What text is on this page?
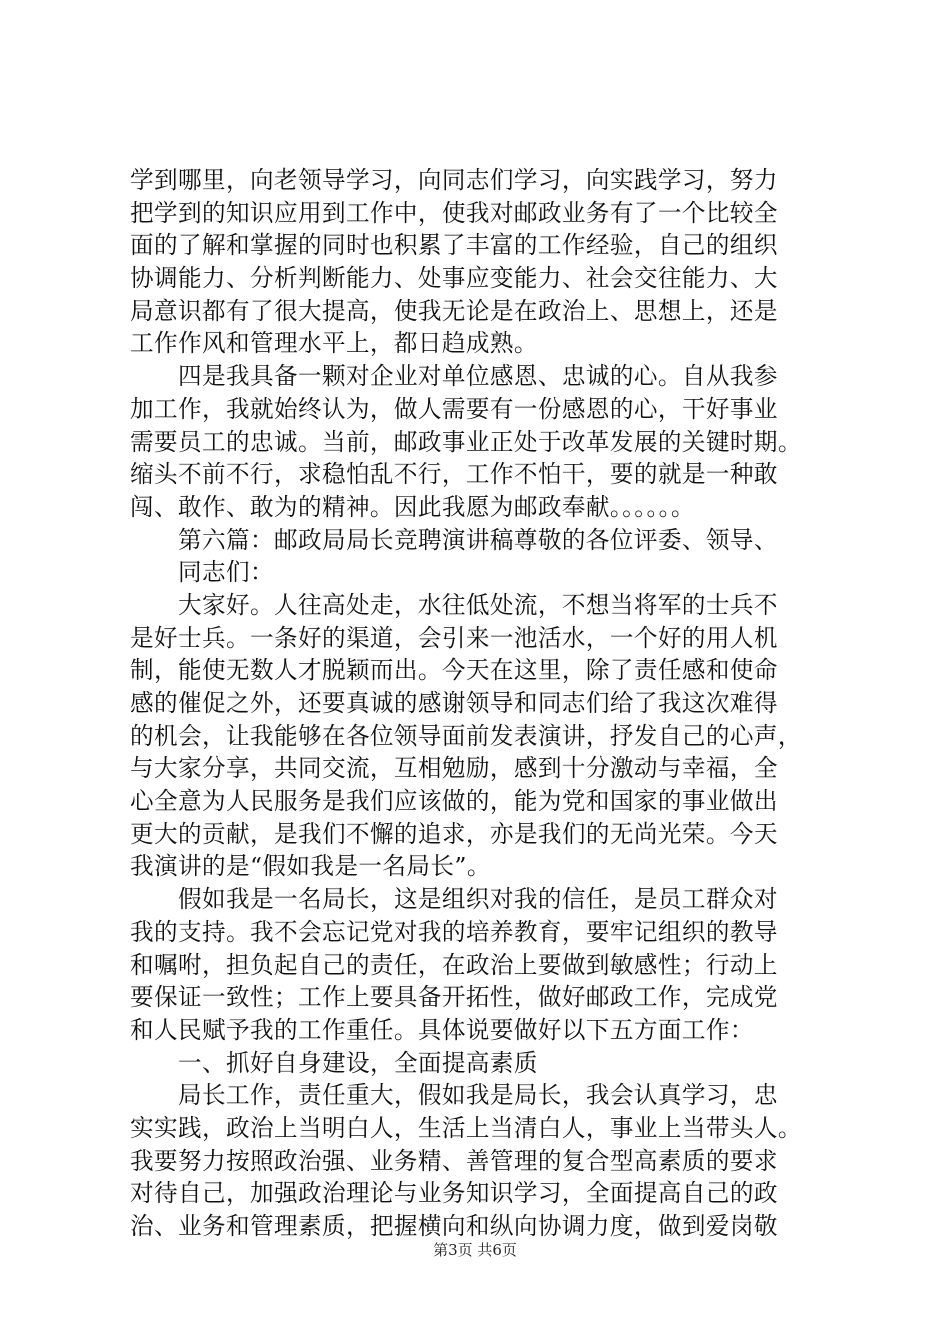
学到哪里，向老领导学习，向同志们学习，向实践学习，努力
把学到的知识应用到工作中，使我对邮政业务有了一个比较全
面的了解和掌握的同时也积累了丰富的工作经验，自己的组织
协调能力、分析判断能力、处事应变能力、社会交往能力、大
局意识都有了很大提高，使我无论是在政治上、思想上，还是
工作作风和管理水平上，都日趋成熟。
四是我具备一颗对企业对单位感恩、忠诚的心。自从我参
加工作，我就始终认为，做人需要有一份感恩的心，干好事业
需要员工的忠诚。当前，邮政事业正处于改革发展的关键时期。
缩头不前不行，求稳怕乱不行，工作不怕干，要的就是一种敢
闯、敢作、敢为的精神。因此我愿为邮政奉献。。。。。。
第六篇：邮政局局长竞聘演讲稿尊敬的各位评委、领导、
同志们：
大家好。人往高处走，水往低处流，不想当将军的士兵不
是好士兵。一条好的渠道，会引来一池活水，一个好的用人机
制，能使无数人才脱颖而出。今天在这里，除了责任感和使命
感的催促之外，还要真诚的感谢领导和同志们给了我这次难得
的机会，让我能够在各位领导面前发表演讲，抒发自己的心声，
与大家分享，共同交流，互相勉励，感到十分激动与幸福，全
心全意为人民服务是我们应该做的，能为党和国家的事业做出
更大的贡献，是我们不懈的追求，亦是我们的无尚光荣。今天
我演讲的是“假如我是一名局长”。
假如我是一名局长，这是组织对我的信任，是员工群众对
我的支持。我不会忘记党对我的培养教育，要牢记组织的教导
和嘱咐，担负起自己的责任，在政治上要做到敏感性；行动上
要保证一致性；工作上要具备开拓性，做好邮政工作，完成党
和人民赋予我的工作重任。具体说要做好以下五方面工作：
一、抓好自身建设，全面提高素质
局长工作，责任重大，假如我是局长，我会认真学习，忠
实实践，政治上当明白人，生活上当清白人，事业上当带头人。
我要努力按照政治强、业务精、善管理的复合型高素质的要求
对待自己，加强政治理论与业务知识学习，全面提高自己的政
治、业务和管理素质，把握横向和纵向协调力度，做到爱岗敬
第3页 共6页
